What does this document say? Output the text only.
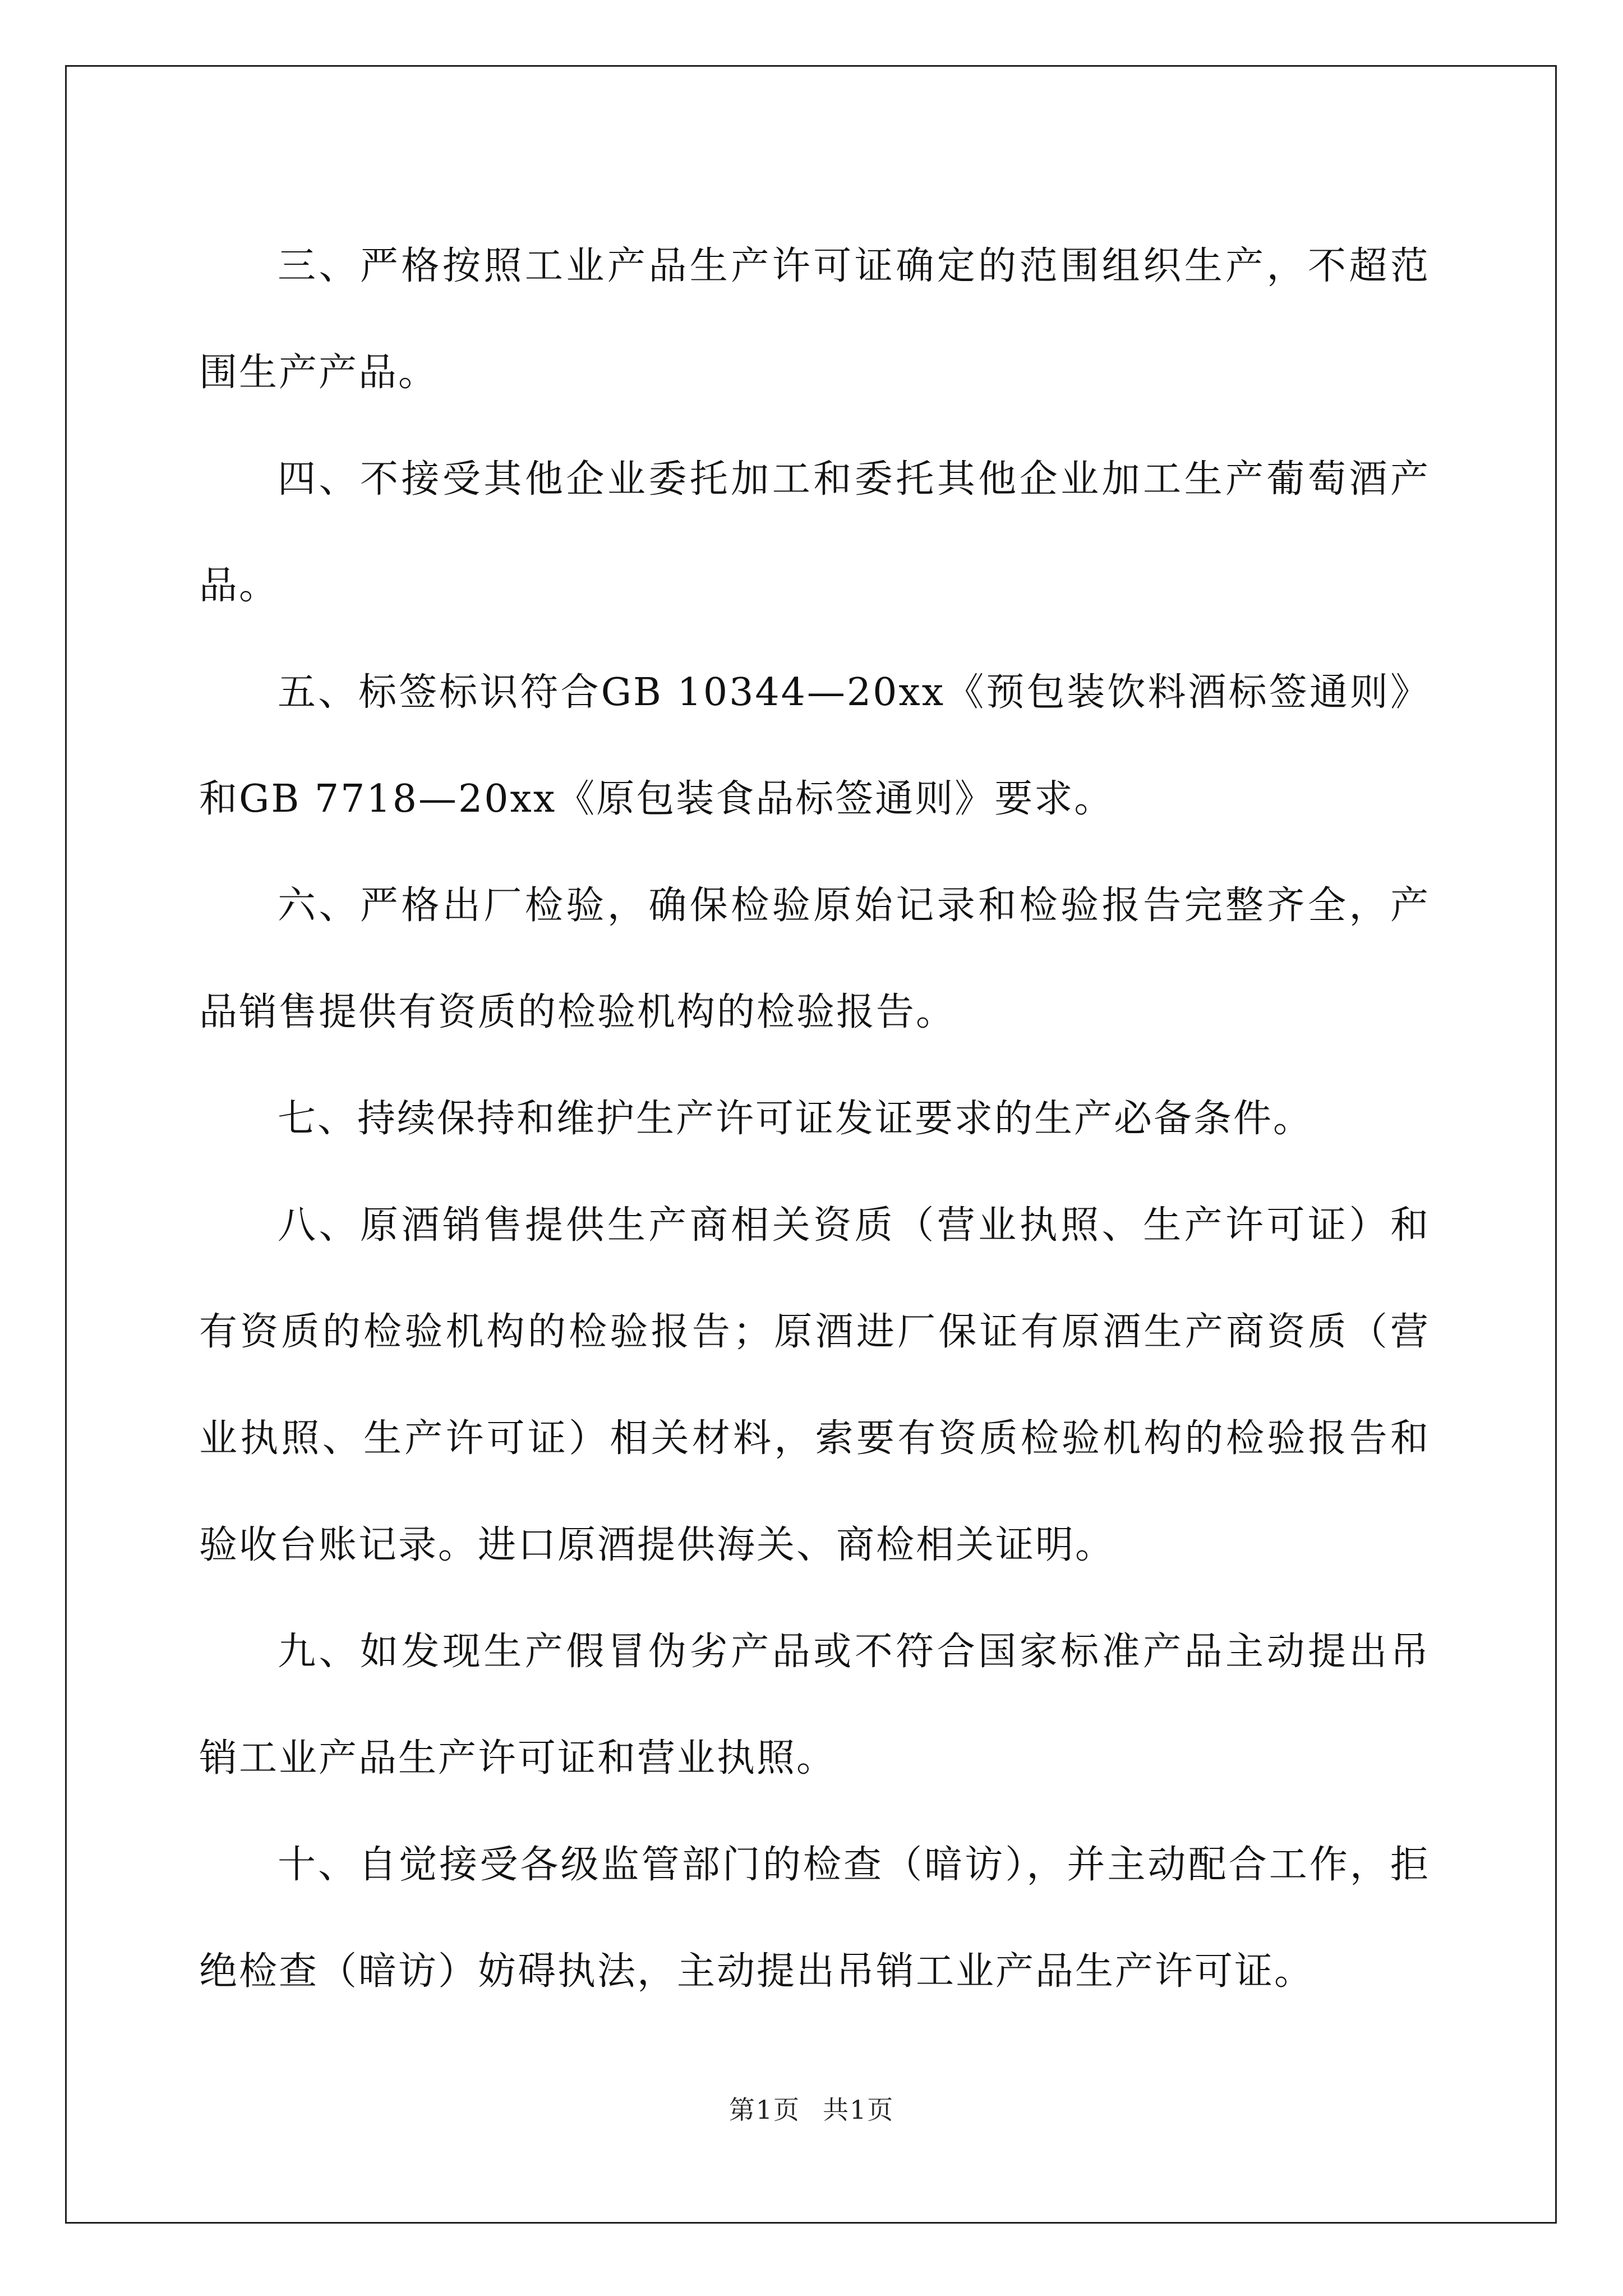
三、严格按照工业产品生产许可证确定的范围组织生产，不超范围生产产品。

四、不接受其他企业委托加工和委托其他企业加工生产葡萄酒产品。

五、标签标识符合GB 10344—20xx《预包装饮料酒标签通则》和GB 7718—20xx《原包装食品标签通则》要求。

六、严格出厂检验，确保检验原始记录和检验报告完整齐全，产品销售提供有资质的检验机构的检验报告。

七、持续保持和维护生产许可证发证要求的生产必备条件。

八、原酒销售提供生产商相关资质（营业执照、生产许可证）和有资质的检验机构的检验报告；原酒进厂保证有原酒生产商资质（营业执照、生产许可证）相关材料，索要有资质检验机构的检验报告和验收台账记录。进口原酒提供海关、商检相关证明。

九、如发现生产假冒伪劣产品或不符合国家标准产品主动提出吊销工业产品生产许可证和营业执照。

十、自觉接受各级监管部门的检查（暗访），并主动配合工作，拒绝检查（暗访）妨碍执法，主动提出吊销工业产品生产许可证。

第1页 共1页
